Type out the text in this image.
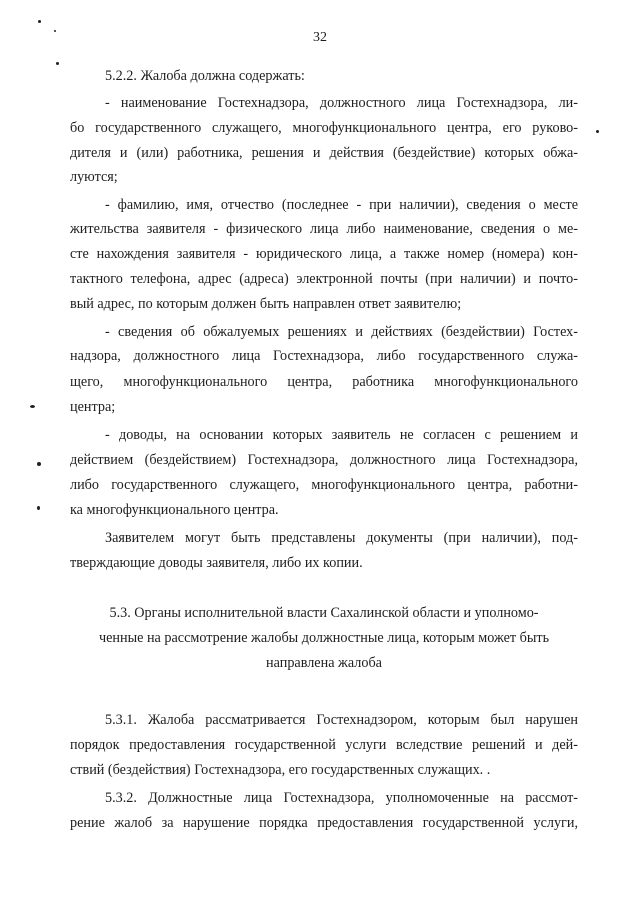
32
5.2.2. Жалоба должна содержать:
- наименование Гостехнадзора, должностного лица Гостехнадзора, ли-
бо государственного служащего, многофункционального центра, его руково-
дителя и (или) работника, решения и действия (бездействие) которых обжа-
луются;
- фамилию, имя, отчество (последнее - при наличии), сведения о месте
жительства заявителя - физического лица либо наименование, сведения о ме-
сте нахождения заявителя - юридического лица, а также номер (номера) кон-
тактного телефона, адрес (адреса) электронной почты (при наличии) и почто-
вый адрес, по которым должен быть направлен ответ заявителю;
- сведения об обжалуемых решениях и действиях (бездействии) Гостех-
надзора, должностного лица Гостехнадзора, либо государственного служа-
щего, многофункционального центра, работника многофункционального
центра;
- доводы, на основании которых заявитель не согласен с решением и
действием (бездействием) Гостехнадзора, должностного лица Гостехнадзора,
либо государственного служащего, многофункционального центра, работни-
ка многофункционального центра.
Заявителем могут быть представлены документы (при наличии), под-
тверждающие доводы заявителя, либо их копии.
5.3.1. Жалоба рассматривается Гостехнадзором, которым был нарушен
порядок предоставления государственной услуги вследствие решений и дей-
ствий (бездействия) Гостехнадзора, его государственных служащих. .
5.3.2. Должностные лица Гостехнадзора, уполномоченные на рассмот-
рение жалоб за нарушение порядка предоставления государственной услуги,
5.3. Органы исполнительной власти Сахалинской области и уполномо-
ченные на рассмотрение жалобы должностные лица, которым может быть
направлена жалоба
